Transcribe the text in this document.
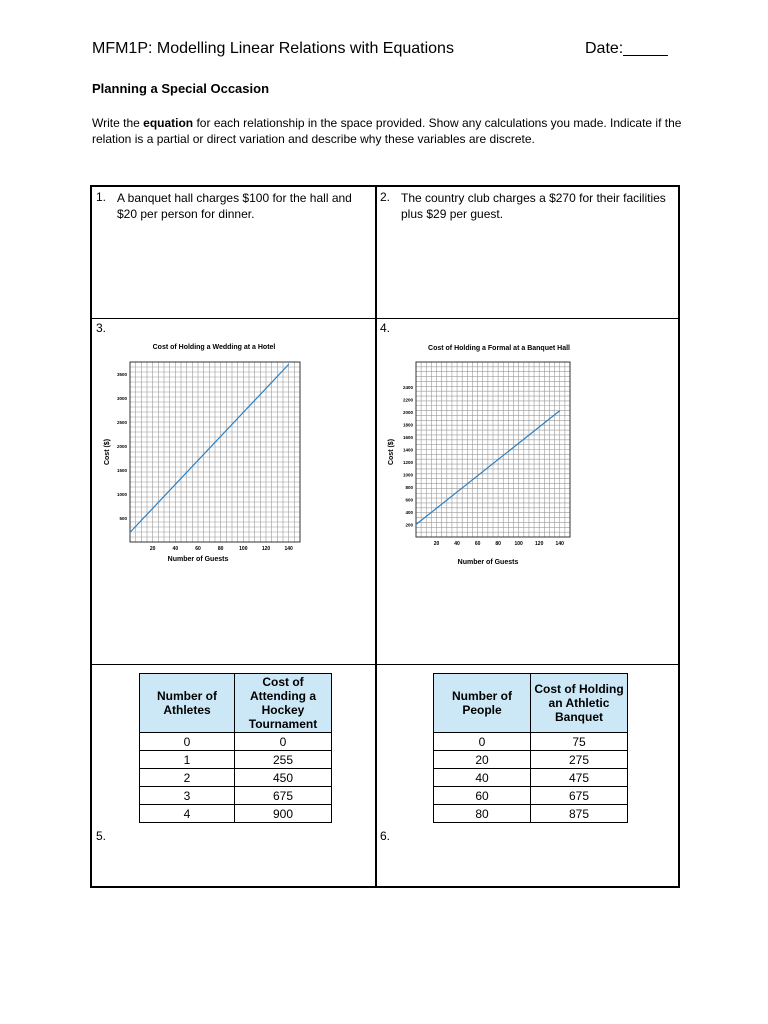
MFM1P: Modelling Linear Relations with Equations	Date:_____
Planning a Special Occasion
Write the equation for each relationship in the space provided. Show any calculations you made. Indicate if the relation is a partial or direct variation and describe why these variables are discrete.
1. A banquet hall charges $100 for the hall and $20 per person for dinner.
2. The country club charges a $270 for their facilities plus $29 per guest.
3.
Cost of Holding a Wedding at a Hotel
20	40	60	80	100	120	140
500
1000
1500
2000
2500
3000
3500
Number of Guests
Cost ($)
4.
Cost of Holding a Formal at a Banquet Hall
20	40	60	80	100 120 140
200
400
600
800
1000
1200
1400
1600
1800
2000
2200
2400
Number of Guests
Cost ($)
Number of Athletes	Cost of Attending a Hockey Tournament
0	0
1	255
2	450
3	675
4	900
5.
Number of People	Cost of Holding an Athletic Banquet
0	75
20	275
40	475
60	675
80	875
6.
